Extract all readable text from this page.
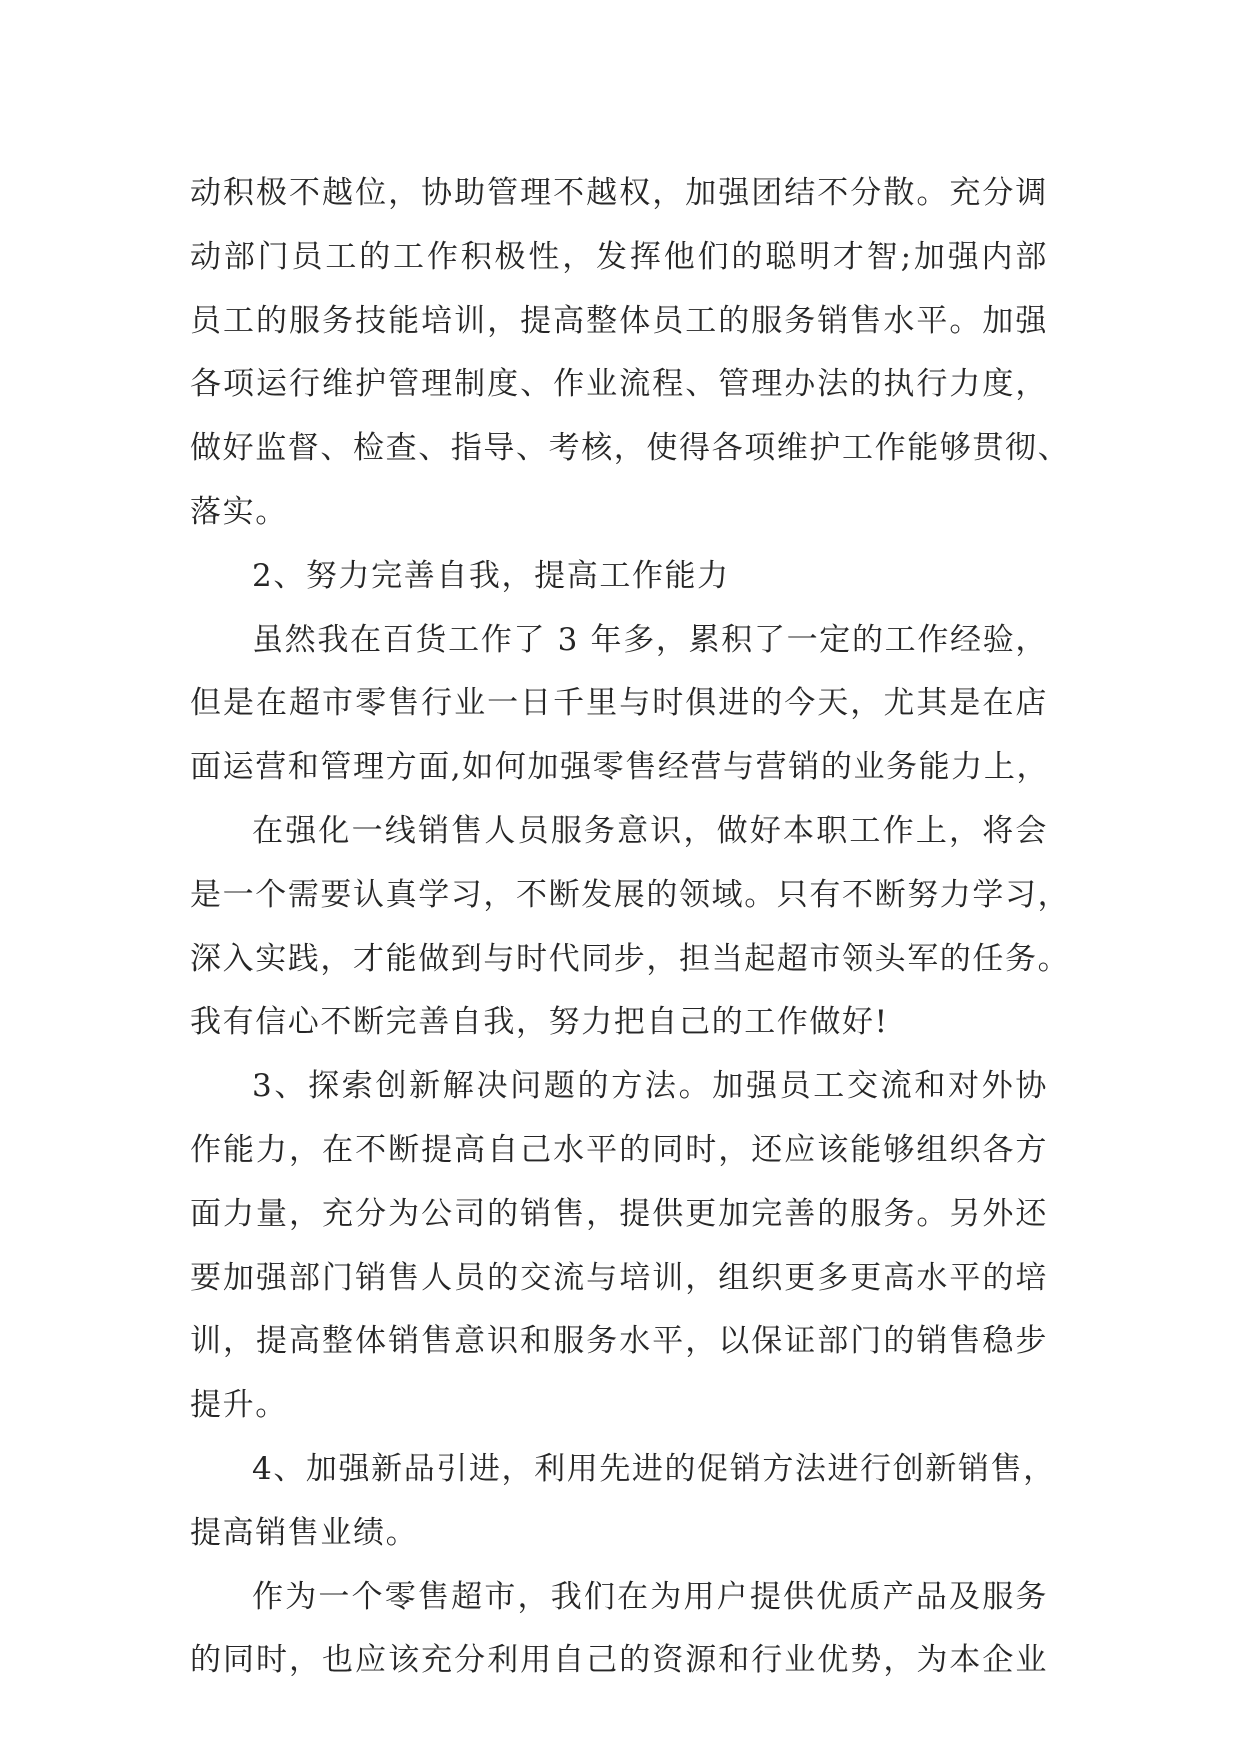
动积极不越位，协助管理不越权，加强团结不分散。充分调
动部门员工的工作积极性，发挥他们的聪明才智;加强内部
员工的服务技能培训，提高整体员工的服务销售水平。加强
各项运行维护管理制度、作业流程、管理办法的执行力度，
做好监督、检查、指导、考核，使得各项维护工作能够贯彻、
落实。
2、努力完善自我，提高工作能力
虽然我在百货工作了 3 年多，累积了一定的工作经验，
但是在超市零售行业一日千里与时俱进的今天，尤其是在店
面运营和管理方面,如何加强零售经营与营销的业务能力上，
在强化一线销售人员服务意识，做好本职工作上，将会
是一个需要认真学习，不断发展的领域。只有不断努力学习，
深入实践，才能做到与时代同步，担当起超市领头军的任务。
我有信心不断完善自我，努力把自己的工作做好!
3、探索创新解决问题的方法。加强员工交流和对外协
作能力，在不断提高自己水平的同时，还应该能够组织各方
面力量，充分为公司的销售，提供更加完善的服务。另外还
要加强部门销售人员的交流与培训，组织更多更高水平的培
训，提高整体销售意识和服务水平，以保证部门的销售稳步
提升。
4、加强新品引进，利用先进的促销方法进行创新销售，
提高销售业绩。
作为一个零售超市，我们在为用户提供优质产品及服务
的同时，也应该充分利用自己的资源和行业优势，为本企业
